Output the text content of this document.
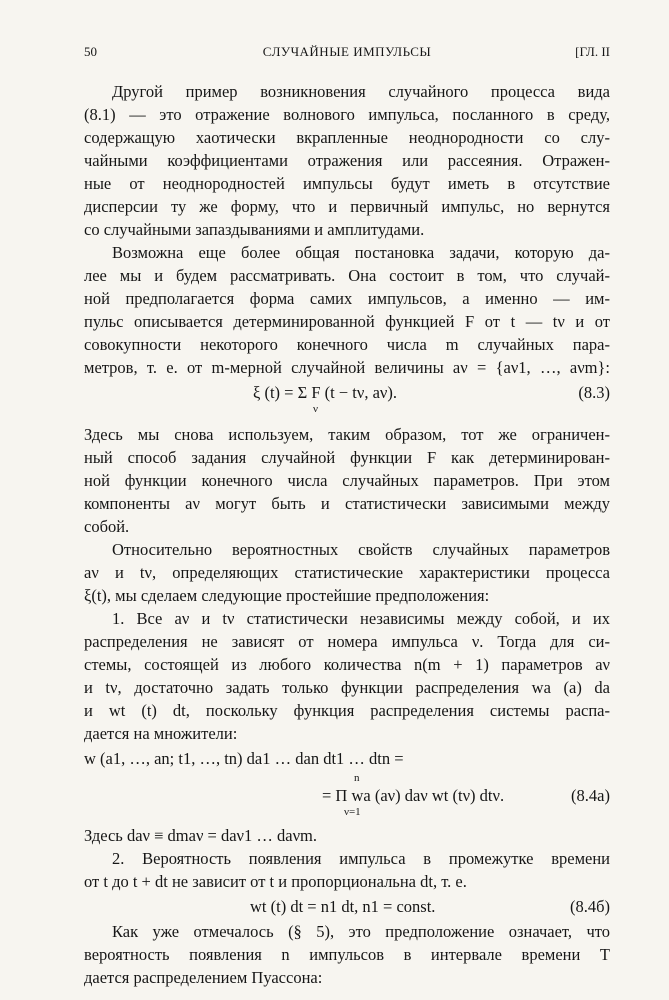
50	СЛУЧАЙНЫЕ ИМПУЛЬСЫ	[ГЛ. II
Другой пример возникновения случайного процесса вида
(8.1) — это отражение волнового импульса, посланного в среду,
содержащую хаотически вкрапленные неоднородности со слу-
чайными коэффициентами отражения или рассеяния. Отражен-
ные от неоднородностей импульсы будут иметь в отсутствие
дисперсии ту же форму, что и первичный импульс, но вернутся
со случайными запаздываниями и амплитудами.
Возможна еще более общая постановка задачи, которую да-
лее мы и будем рассматривать. Она состоит в том, что случай-
ной предполагается форма самих импульсов, а именно — им-
пульс описывается детерминированной функцией F от t — tν и от
совокупности некоторого конечного числа m случайных пара-
метров, т. е. от m-мерной случайной величины aν = {aν1, …, aνm}:
ξ (t) = Σ F (t − tν, aν).
ν
(8.3)
Здесь мы снова используем, таким образом, тот же ограничен-
ный способ задания случайной функции F как детерминирован-
ной функции конечного числа случайных параметров. При этом
компоненты aν могут быть и статистически зависимыми между
собой.
Относительно вероятностных свойств случайных параметров
aν и tν, определяющих статистические характеристики процесса
ξ(t), мы сделаем следующие простейшие предположения:
1. Все aν и tν статистически независимы между собой, и их
распределения не зависят от номера импульса ν. Тогда для си-
стемы, состоящей из любого количества n(m + 1) параметров aν
и tν, достаточно задать только функции распределения wa (a) da
и wt (t) dt, поскольку функция распределения системы распа-
дается на множители:
w (a1, …, an; t1, …, tn) da1 … dan dt1 … dtn =
n
= Π wa (aν) daν wt (tν) dtν.
ν=1
(8.4a)
Здесь daν ≡ dmaν = daν1 … daνm.
2. Вероятность появления импульса в промежутке времени
от t до t + dt не зависит от t и пропорциональна dt, т. е.
wt (t) dt = n1 dt, n1 = const.	(8.4б)
Как уже отмечалось (§ 5), это предположение означает, что
вероятность появления n импульсов в интервале времени T
дается распределением Пуассона:
